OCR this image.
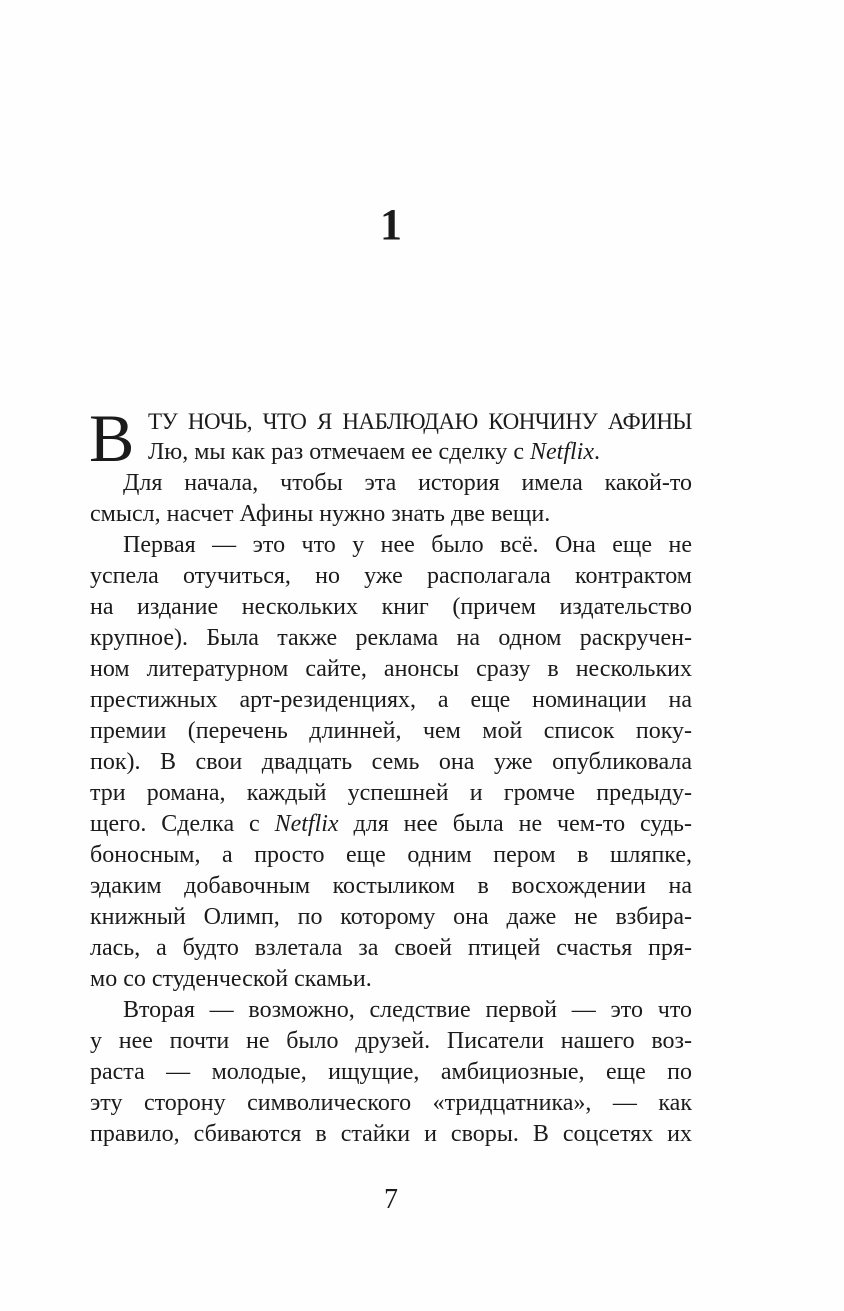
1
В ТУ НОЧЬ, ЧТО Я НАБЛЮДАЮ КОНЧИНУ АФИНЫ
Лю, мы как раз отмечаем ее сделку с Netflix.
Для начала, чтобы эта история имела какой-то
смысл, насчет Афины нужно знать две вещи.
Первая — это что у нее было всё. Она еще не
успела отучиться, но уже располагала контрактом
на издание нескольких книг (причем издательство
крупное). Была также реклама на одном раскручен-
ном литературном сайте, анонсы сразу в нескольких
престижных арт-резиденциях, а еще номинации на
премии (перечень длинней, чем мой список поку-
пок). В свои двадцать семь она уже опубликовала
три романа, каждый успешней и громче предыду-
щего. Сделка с Netflix для нее была не чем-то судь-
боносным, а просто еще одним пером в шляпке,
эдаким добавочным костыликом в восхождении на
книжный Олимп, по которому она даже не взбира-
лась, а будто взлетала за своей птицей счастья пря-
мо со студенческой скамьи.
Вторая — возможно, следствие первой — это что
у нее почти не было друзей. Писатели нашего воз-
раста — молодые, ищущие, амбициозные, еще по
эту сторону символического «тридцатника», — как
правило, сбиваются в стайки и своры. В соцсетях их
7
